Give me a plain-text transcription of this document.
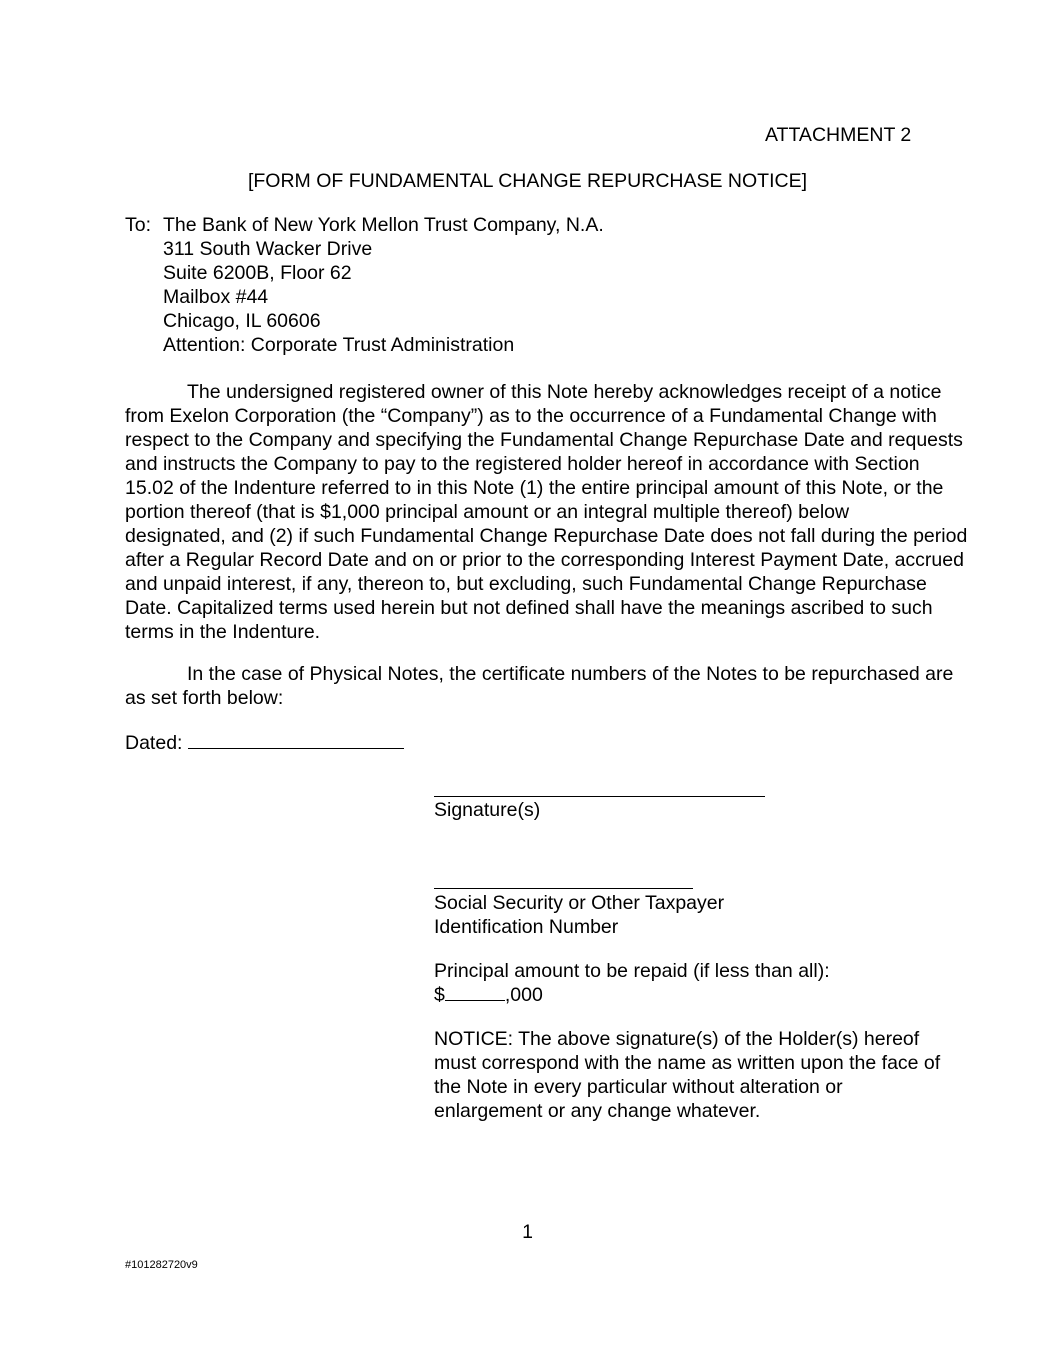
ATTACHMENT 2
[FORM OF FUNDAMENTAL CHANGE REPURCHASE NOTICE]
To: The Bank of New York Mellon Trust Company, N.A.
311 South Wacker Drive
Suite 6200B, Floor 62
Mailbox #44
Chicago, IL 60606
Attention: Corporate Trust Administration
The undersigned registered owner of this Note hereby acknowledges receipt of a notice
from Exelon Corporation (the “Company”) as to the occurrence of a Fundamental Change with
respect to the Company and specifying the Fundamental Change Repurchase Date and requests
and instructs the Company to pay to the registered holder hereof in accordance with Section
15.02 of the Indenture referred to in this Note (1) the entire principal amount of this Note, or the
portion thereof (that is $1,000 principal amount or an integral multiple thereof) below
designated, and (2) if such Fundamental Change Repurchase Date does not fall during the period
after a Regular Record Date and on or prior to the corresponding Interest Payment Date, accrued
and unpaid interest, if any, thereon to, but excluding, such Fundamental Change Repurchase
Date. Capitalized terms used herein but not defined shall have the meanings ascribed to such
terms in the Indenture.
In the case of Physical Notes, the certificate numbers of the Notes to be repurchased are
as set forth below:
Dated:
Signature(s)
Social Security or Other Taxpayer
Identification Number
Principal amount to be repaid (if less than all):
$	,000
NOTICE: The above signature(s) of the Holder(s) hereof
must correspond with the name as written upon the face of
the Note in every particular without alteration or
enlargement or any change whatever.
1
#101282720v9
